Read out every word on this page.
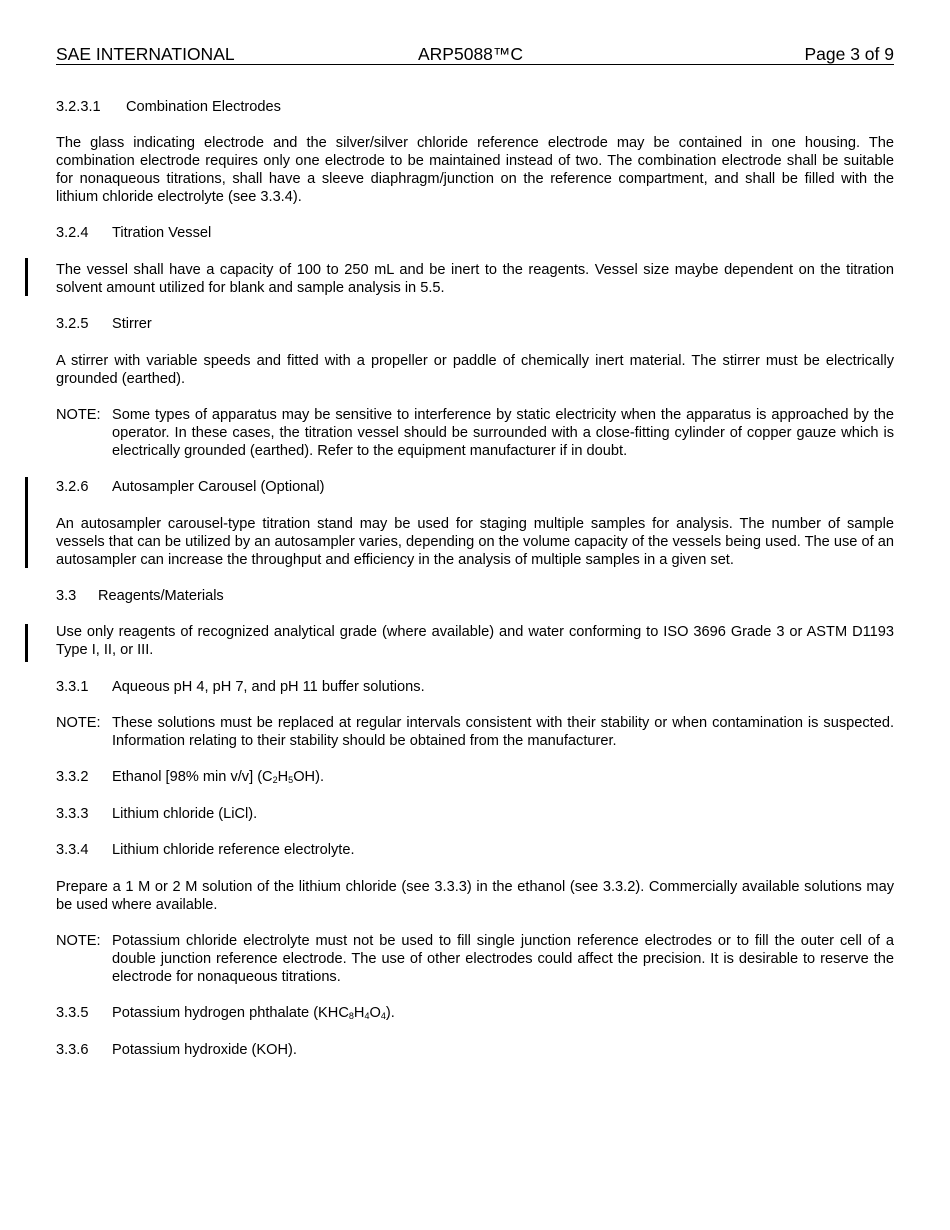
SAE INTERNATIONAL	ARP5088™C	Page 3 of 9
3.2.3.1 Combination Electrodes

The glass indicating electrode and the silver/silver chloride reference electrode may be contained in one housing. The combination electrode requires only one electrode to be maintained instead of two. The combination electrode shall be suitable for nonaqueous titrations, shall have a sleeve diaphragm/junction on the reference compartment, and shall be filled with the lithium chloride electrolyte (see 3.3.4).

3.2.4 Titration Vessel

The vessel shall have a capacity of 100 to 250 mL and be inert to the reagents. Vessel size maybe dependent on the titration solvent amount utilized for blank and sample analysis in 5.5.

3.2.5 Stirrer

A stirrer with variable speeds and fitted with a propeller or paddle of chemically inert material. The stirrer must be electrically grounded (earthed).

NOTE: Some types of apparatus may be sensitive to interference by static electricity when the apparatus is approached by the operator. In these cases, the titration vessel should be surrounded with a close-fitting cylinder of copper gauze which is electrically grounded (earthed). Refer to the equipment manufacturer if in doubt.
3.2.6 Autosampler Carousel (Optional)

An autosampler carousel-type titration stand may be used for staging multiple samples for analysis. The number of sample vessels that can be utilized by an autosampler varies, depending on the volume capacity of the vessels being used. The use of an autosampler can increase the throughput and efficiency in the analysis of multiple samples in a given set.

3.3 Reagents/Materials

Use only reagents of recognized analytical grade (where available) and water conforming to ISO 3696 Grade 3 or ASTM D1193 Type I, II, or III.

3.3.1 Aqueous pH 4, pH 7, and pH 11 buffer solutions.
NOTE: These solutions must be replaced at regular intervals consistent with their stability or when contamination is suspected. Information relating to their stability should be obtained from the manufacturer.
3.3.2 Ethanol [98% min v/v] $(C_2H_5OH)$.
3.3.3 Lithium chloride (LiCl).
3.3.4 Lithium chloride reference electrolyte.

Prepare a 1 M or 2 M solution of the lithium chloride (see 3.3.3) in the ethanol (see 3.3.2). Commercially available solutions may be used where available.

NOTE: Potassium chloride electrolyte must not be used to fill single junction reference electrodes or to fill the outer cell of a double junction reference electrode. The use of other electrodes could affect the precision. It is desirable to reserve the electrode for nonaqueous titrations.
3.3.5 Potassium hydrogen phthalate $(KHC_8H_4O_4)$.
3.3.6 Potassium hydroxide (KOH).
